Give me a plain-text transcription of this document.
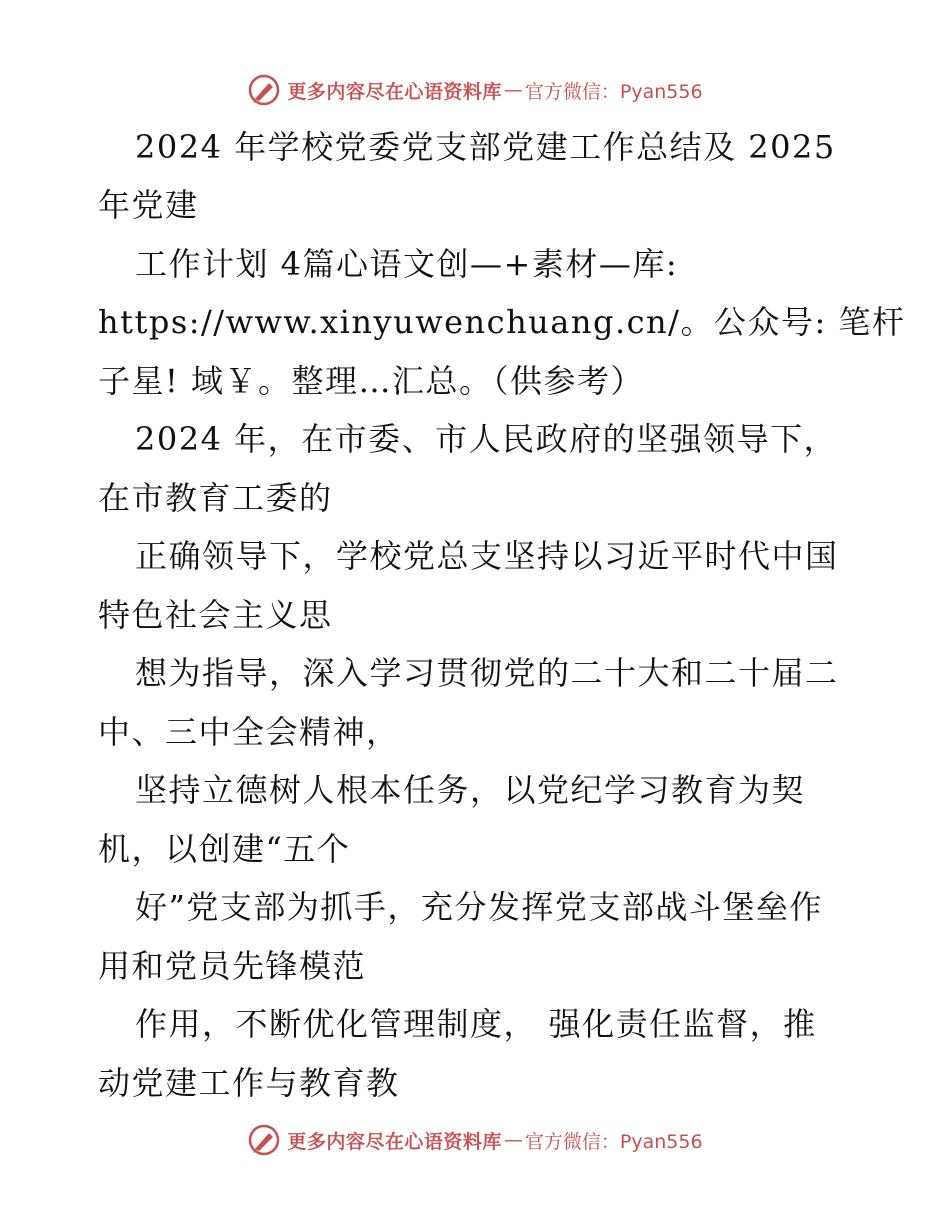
更多内容尽在心语资料库 — 官方微信：Pyan556
2024 年学校党委党支部党建工作总结及 2025
年党建
工作计划 4篇心语文创—+素材—库:
https://www.xinyuwenchuang.cn/。公众号: 笔杆
子星! 域￥。整理…汇总。（供参考）
2024 年，在市委、市人民政府的坚强领导下，
在市教育工委的
正确领导下，学校党总支坚持以习近平时代中国
特色社会主义思
想为指导，深入学习贯彻党的二十大和二十届二
中、三中全会精神，
坚持立德树人根本任务，以党纪学习教育为契
机，以创建“五个
好”党支部为抓手，充分发挥党支部战斗堡垒作
用和党员先锋模范
作用，不断优化管理制度， 强化责任监督，推
动党建工作与教育教
更多内容尽在心语资料库 — 官方微信：Pyan556
